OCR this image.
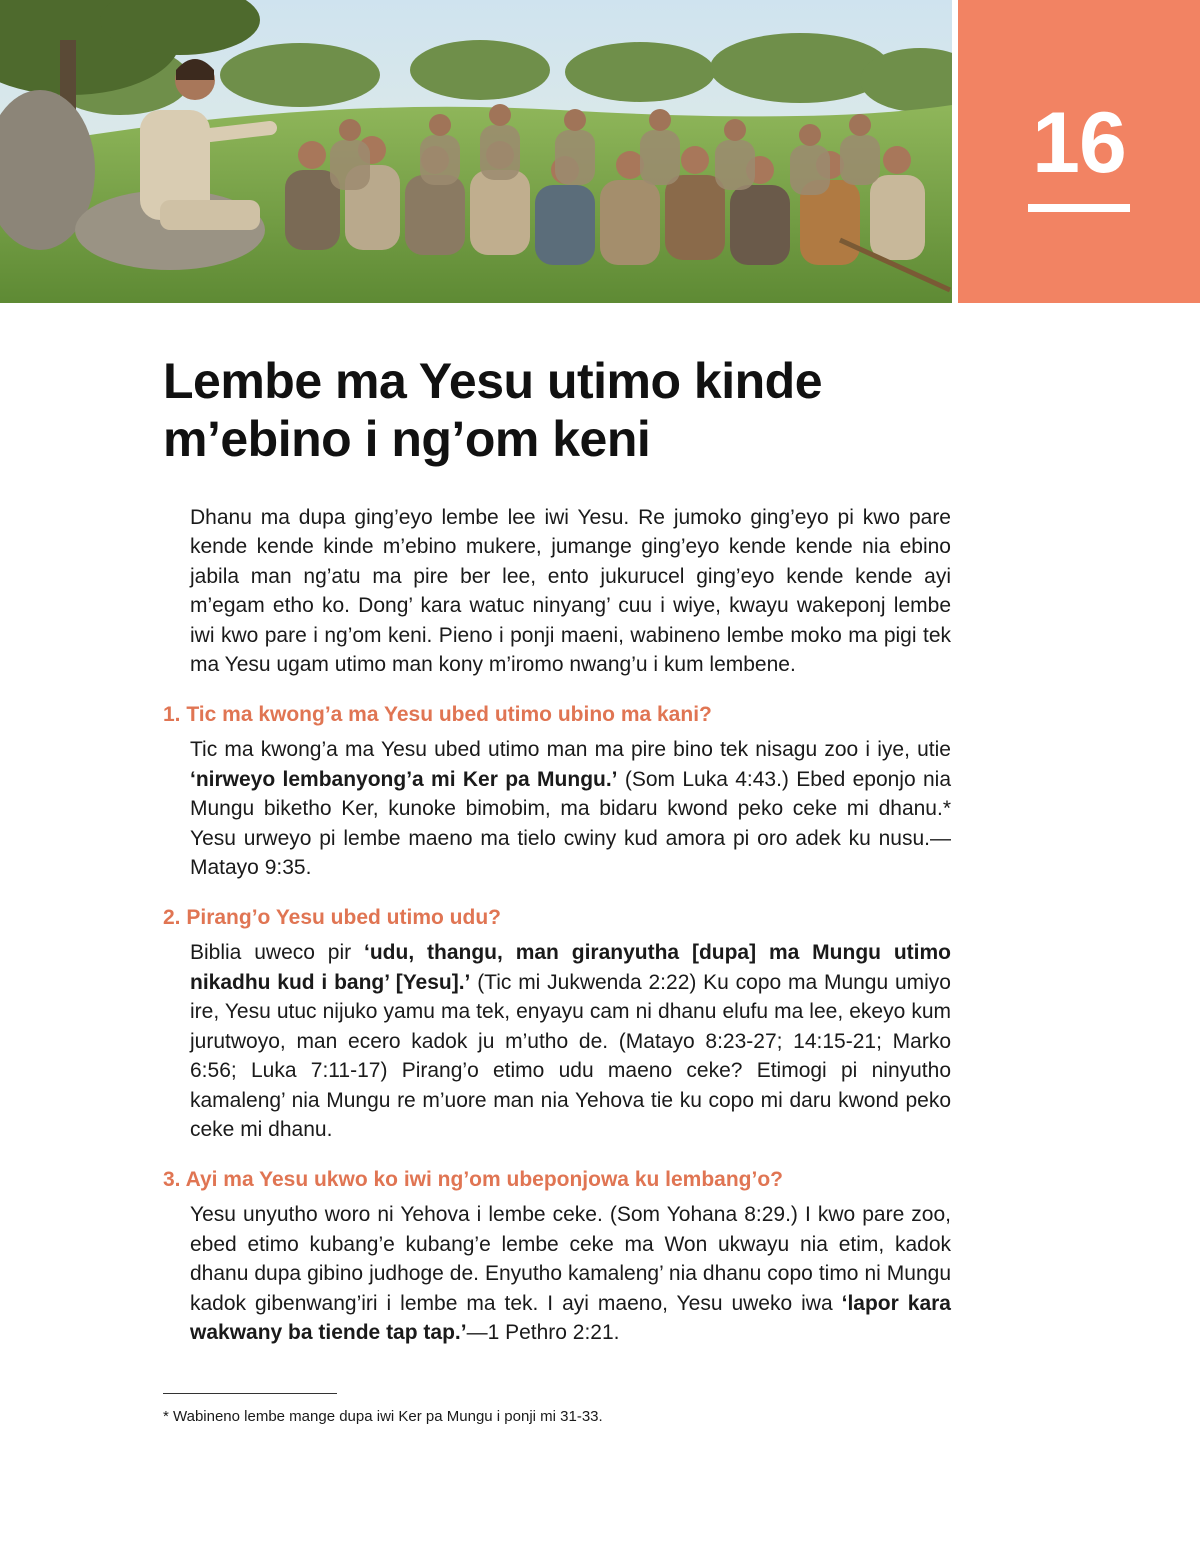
16
Lembe ma Yesu utimo kinde m’ebino i ng’om keni

Dhanu ma dupa ging’eyo lembe lee iwi Yesu. Re jumoko ging’eyo pi kwo pare kende kende kinde m’ebino mukere, jumange ging’eyo kende kende nia ebino jabila man ng’atu ma pire ber lee, ento jukurucel ging’eyo kende kende ayi m’egam etho ko. Dong’ kara watuc ninyang’ cuu i wiye, kwayu wakeponj lembe iwi kwo pare i ng’om keni. Pieno i ponji maeni, wabineno lembe moko ma pigi tek ma Yesu ugam utimo man kony m’iromo nwang’u i kum lembene.

1. Tic ma kwong’a ma Yesu ubed utimo ubino ma kani?

Tic ma kwong’a ma Yesu ubed utimo man ma pire bino tek nisagu zoo i iye, utie ‘nirweyo lembanyong’a mi Ker pa Mungu.’ (Som Luka 4:43.) Ebed eponjo nia Mungu biketho Ker, kunoke bimobim, ma bidaru kwond peko ceke mi dhanu.* Yesu urweyo pi lembe maeno ma tielo cwiny kud amora pi oro adek ku nusu.—Matayo 9:35.

2. Pirang’o Yesu ubed utimo udu?

Biblia uweco pir ‘udu, thangu, man giranyutha [dupa] ma Mungu utimo nikadhu kud i bang’ [Yesu].’ (Tic mi Jukwenda 2:22) Ku copo ma Mungu umiyo ire, Yesu utuc nijuko yamu ma tek, enyayu cam ni dhanu elufu ma lee, ekeyo kum jurutwoyo, man ecero kadok ju m’utho de. (Matayo 8:23-27; 14:15-21; Marko 6:56; Luka 7:11-17) Pirang’o etimo udu maeno ceke? Etimogi pi ninyutho kamaleng’ nia Mungu re m’uore man nia Yehova tie ku copo mi daru kwond peko ceke mi dhanu.

3. Ayi ma Yesu ukwo ko iwi ng’om ubeponjowa ku lembang’o?

Yesu unyutho woro ni Yehova i lembe ceke. (Som Yohana 8:29.) I kwo pare zoo, ebed etimo kubang’e kubang’e lembe ceke ma Won ukwayu nia etim, kadok dhanu dupa gibino judhoge de. Enyutho kamaleng’ nia dhanu copo timo ni Mungu kadok gibenwang’iri i lembe ma tek. I ayi maeno, Yesu uweko iwa ‘lapor kara wakwany ba tiende tap tap.’—1 Pethro 2:21.

* Wabineno lembe mange dupa iwi Ker pa Mungu i ponji mi 31-33.
